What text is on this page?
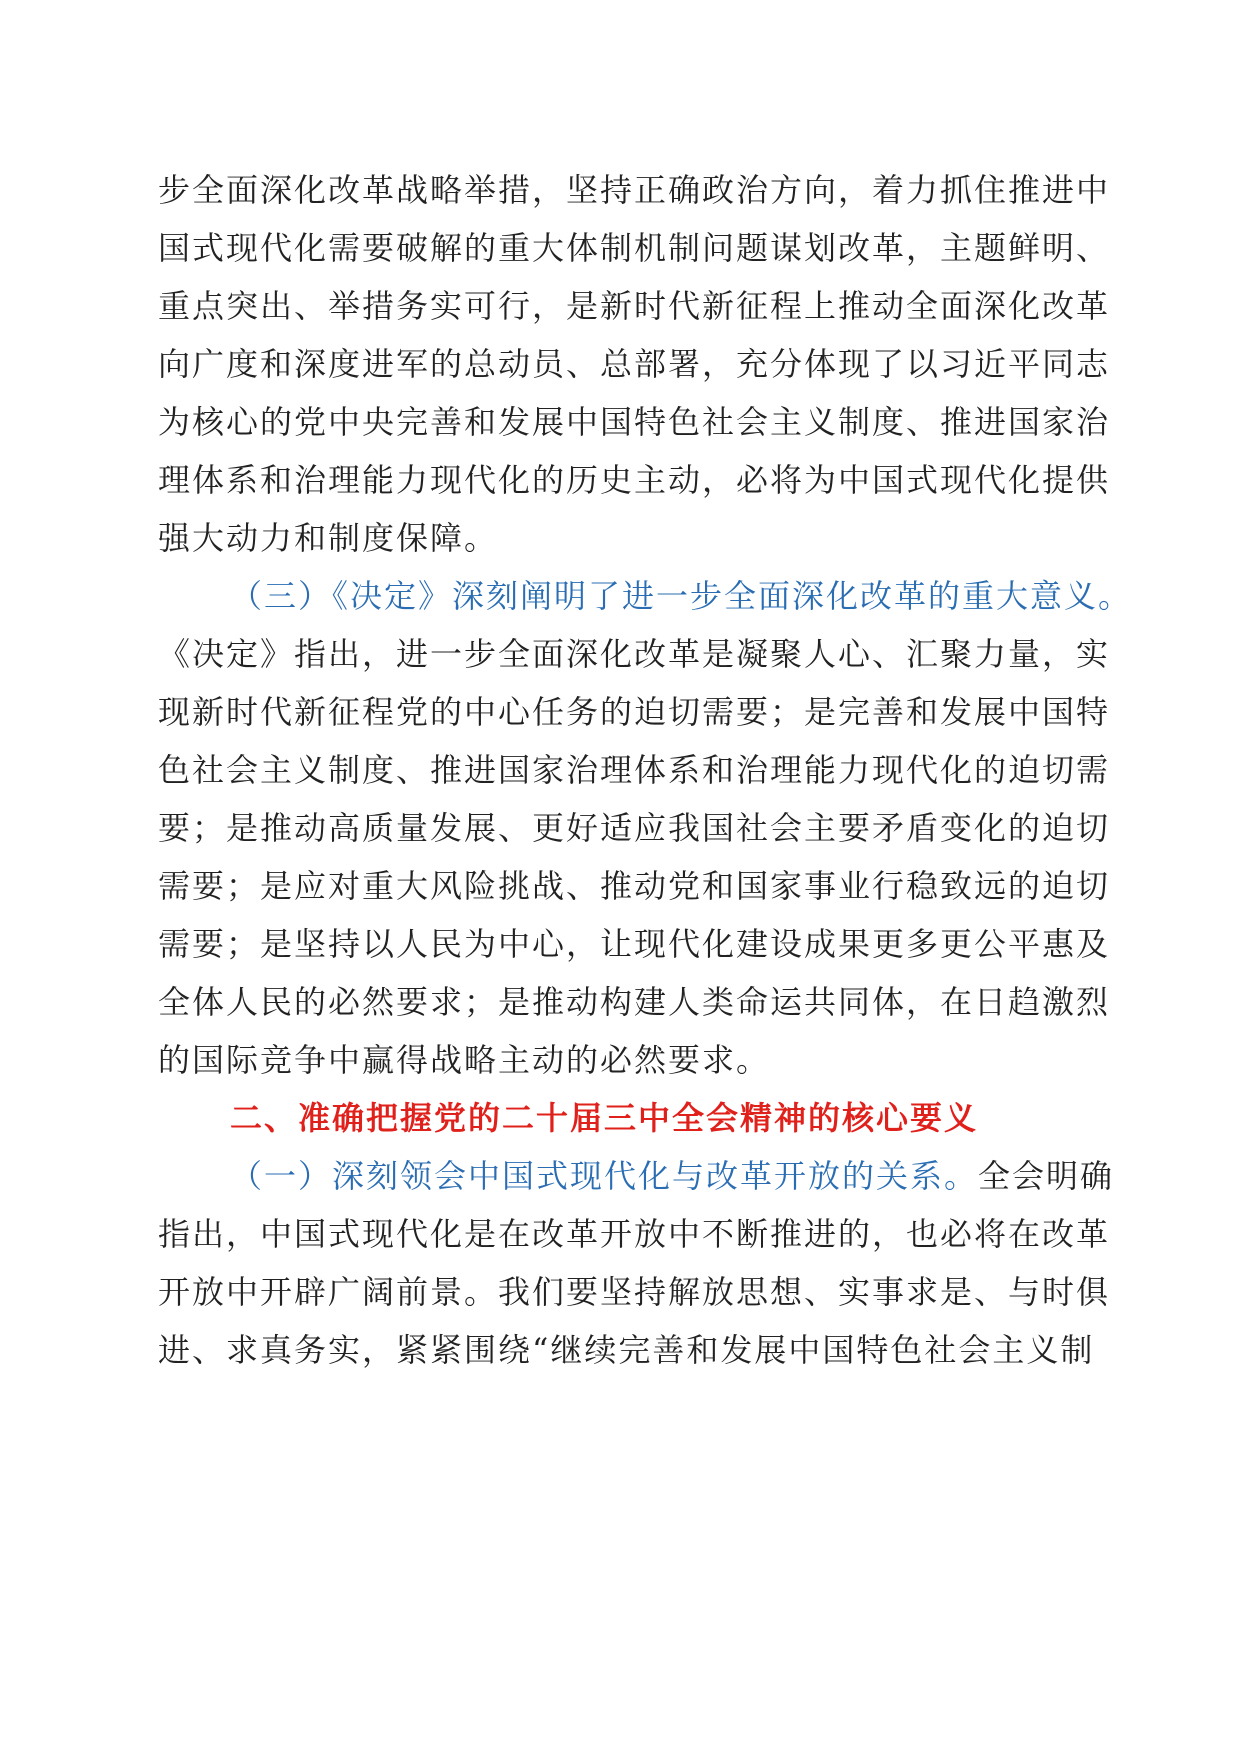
步全面深化改革战略举措，坚持正确政治方向，着力抓住推进中
国式现代化需要破解的重大体制机制问题谋划改革，主题鲜明、
重点突出、举措务实可行，是新时代新征程上推动全面深化改革
向广度和深度进军的总动员、总部署，充分体现了以习近平同志
为核心的党中央完善和发展中国特色社会主义制度、推进国家治
理体系和治理能力现代化的历史主动，必将为中国式现代化提供
强大动力和制度保障。
（三）《决定》深刻阐明了进一步全面深化改革的重大意义。
《决定》指出，进一步全面深化改革是凝聚人心、汇聚力量，实
现新时代新征程党的中心任务的迫切需要；是完善和发展中国特
色社会主义制度、推进国家治理体系和治理能力现代化的迫切需
要；是推动高质量发展、更好适应我国社会主要矛盾变化的迫切
需要；是应对重大风险挑战、推动党和国家事业行稳致远的迫切
需要；是坚持以人民为中心，让现代化建设成果更多更公平惠及
全体人民的必然要求；是推动构建人类命运共同体，在日趋激烈
的国际竞争中赢得战略主动的必然要求。
二、准确把握党的二十届三中全会精神的核心要义
（一）深刻领会中国式现代化与改革开放的关系。全会明确
指出，中国式现代化是在改革开放中不断推进的，也必将在改革
开放中开辟广阔前景。我们要坚持解放思想、实事求是、与时俱
进、求真务实，紧紧围绕“继续完善和发展中国特色社会主义制
